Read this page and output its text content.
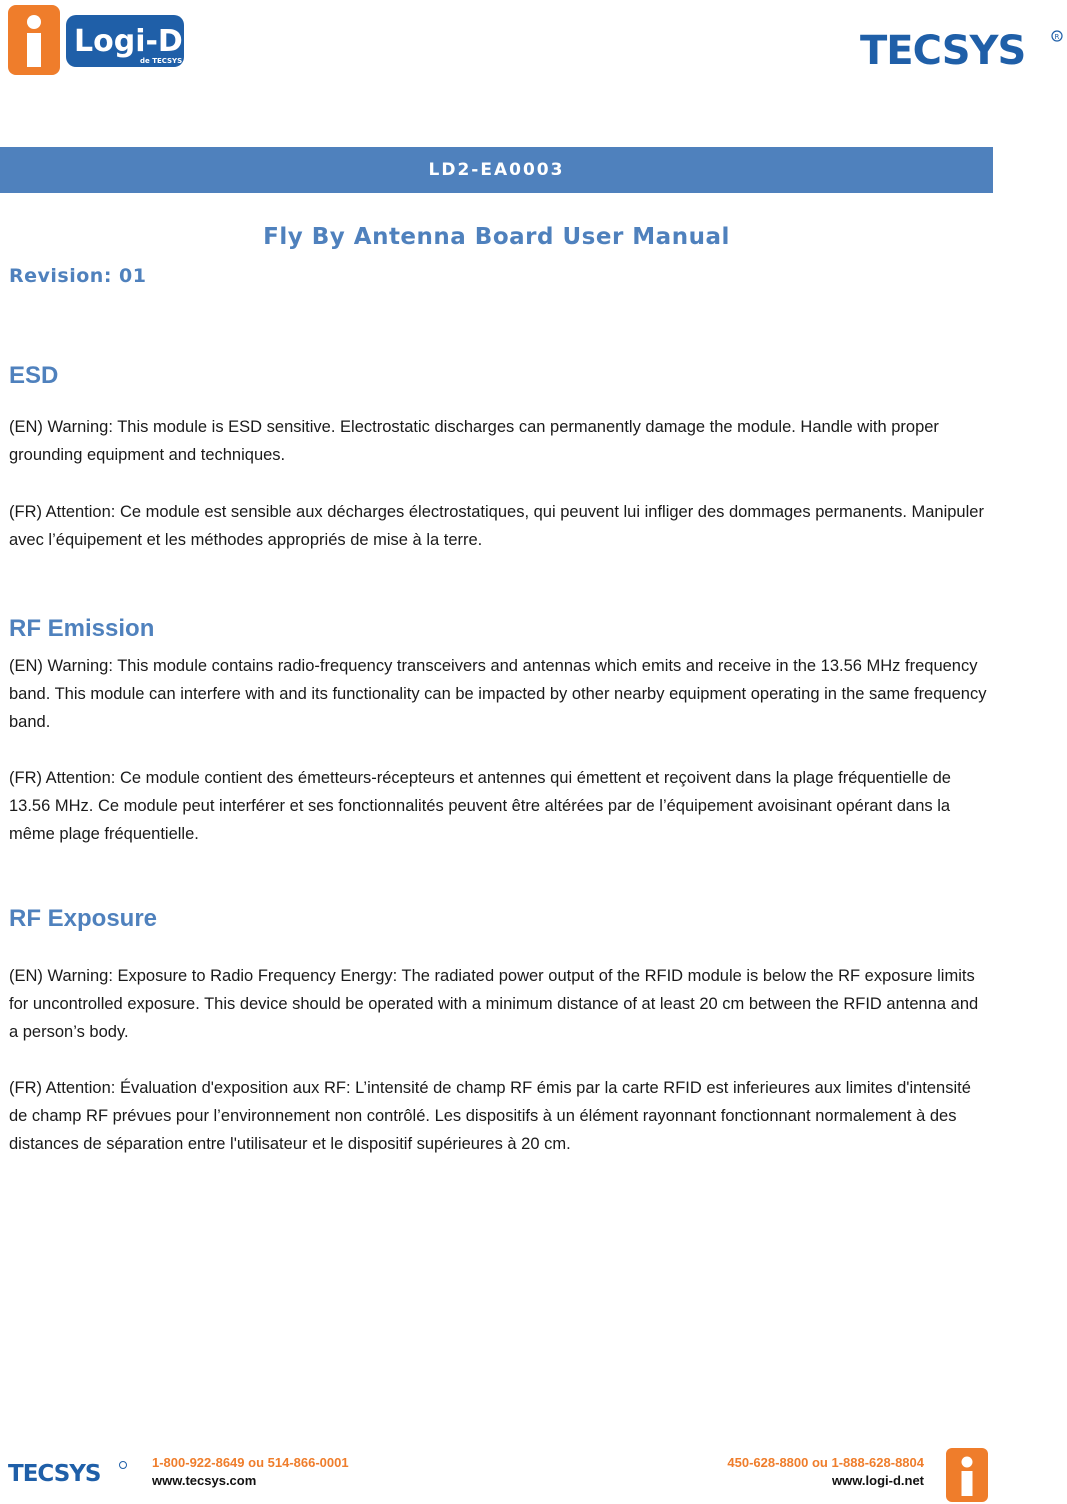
Logi-D
de TECSYS	TECSYS	R
LD2-EA0003
Fly By Antenna Board User Manual
Revision: 01
ESD

(EN) Warning: This module is ESD sensitive. Electrostatic discharges can permanently damage the module. Handle with proper grounding equipment and techniques.

(FR) Attention: Ce module est sensible aux décharges électrostatiques, qui peuvent lui infliger des dommages permanents. Manipuler avec l’équipement et les méthodes appropriés de mise à la terre.

RF Emission

(EN) Warning: This module contains radio-frequency transceivers and antennas which emits and receive in the 13.56 MHz frequency band. This module can interfere with and its functionality can be impacted by other nearby equipment operating in the same frequency band.

(FR) Attention: Ce module contient des émetteurs-récepteurs et antennes qui émettent et reçoivent dans la plage fréquentielle de 13.56 MHz. Ce module peut interférer et ses fonctionnalités peuvent être altérées par de l’équipement avoisinant opérant dans la même plage fréquentielle.

RF Exposure

(EN) Warning: Exposure to Radio Frequency Energy: The radiated power output of the RFID module is below the RF exposure limits for uncontrolled exposure. This device should be operated with a minimum distance of at least 20 cm between the RFID antenna and a person’s body.

(FR) Attention: Évaluation d'exposition aux RF: L’intensité de champ RF émis par la carte RFID est inferieures aux limites d'intensité de champ RF prévues pour l’environnement non contrôlé. Les dispositifs à un élément rayonnant fonctionnant normalement à des distances de séparation entre l'utilisateur et le dispositif supérieures à 20 cm.

TECSYS	1-800-922-8649 ou 514-866-0001
www.tecsys.com
450-628-8800 ou 1-888-628-8804
www.logi-d.net
